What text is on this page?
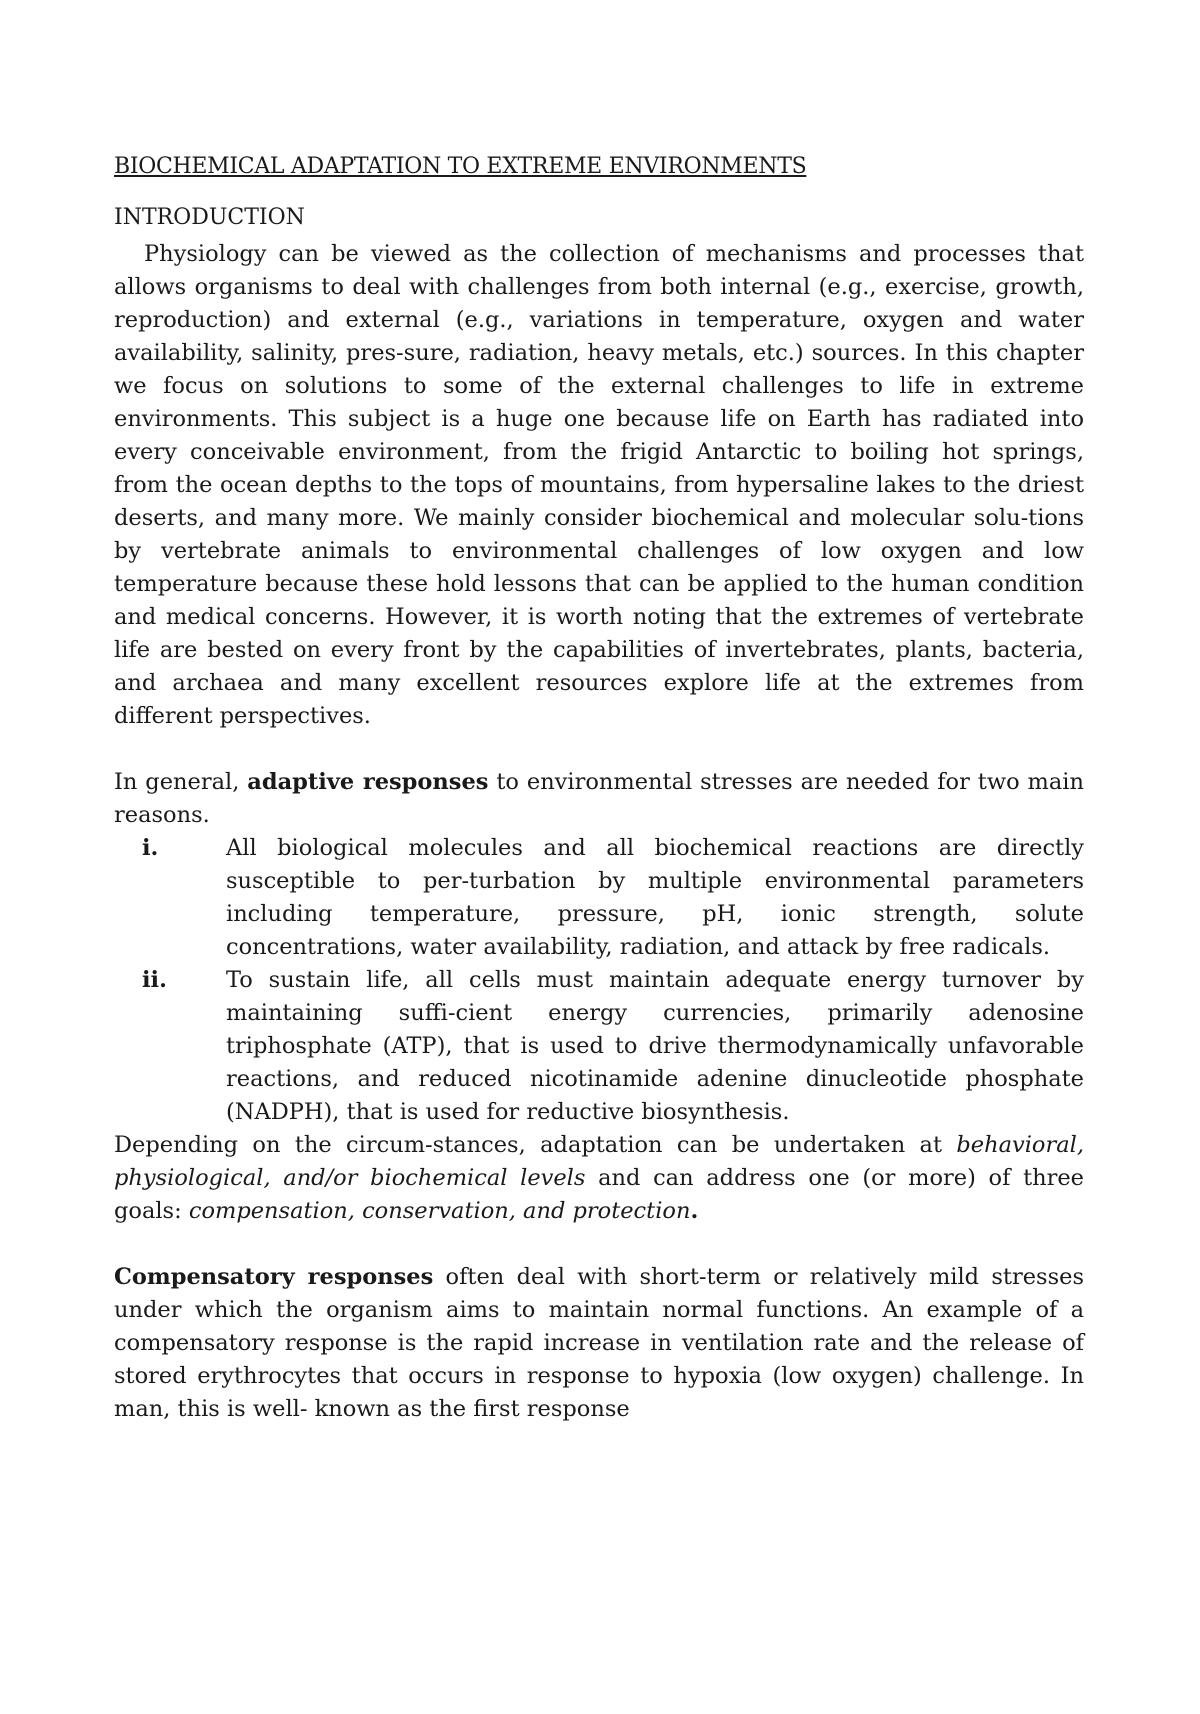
BIOCHEMICAL ADAPTATION TO EXTREME ENVIRONMENTS
INTRODUCTION

Physiology can be viewed as the collection of mechanisms and processes that allows organisms to deal with challenges from both internal (e.g., exercise, growth, reproduction) and external (e.g., variations in temperature, oxygen and water availability, salinity, pres-sure, radiation, heavy metals, etc.) sources. In this chapter we focus on solutions to some of the external challenges to life in extreme environments. This subject is a huge one because life on Earth has radiated into every conceivable environment, from the frigid Antarctic to boiling hot springs, from the ocean depths to the tops of mountains, from hypersaline lakes to the driest deserts, and many more. We mainly consider biochemical and molecular solu-tions by vertebrate animals to environmental challenges of low oxygen and low temperature because these hold lessons that can be applied to the human condition and medical concerns. However, it is worth noting that the extremes of vertebrate life are bested on every front by the capabilities of invertebrates, plants, bacteria, and archaea and many excellent resources explore life at the extremes from different perspectives.

In general, adaptive responses to environmental stresses are needed for two main reasons.

i.	All biological molecules and all biochemical reactions are directly susceptible to per-turbation by multiple environmental parameters including temperature, pressure, pH, ionic strength, solute concentrations, water availability, radiation, and attack by free radicals.
ii.	To sustain life, all cells must maintain adequate energy turnover by maintaining suffi-cient energy currencies, primarily adenosine triphosphate (ATP), that is used to drive thermodynamically unfavorable reactions, and reduced nicotinamide adenine dinucleotide phosphate (NADPH), that is used for reductive biosynthesis.

Depending on the circum-stances, adaptation can be undertaken at behavioral, physiological, and/or biochemical levels and can address one (or more) of three goals: compensation, conservation, and protection.

Compensatory responses often deal with short-term or relatively mild stresses under which the organism aims to maintain normal functions. An example of a compensatory response is the rapid increase in ventilation rate and the release of stored erythrocytes that occurs in response to hypoxia (low oxygen) challenge. In man, this is well- known as the first response
